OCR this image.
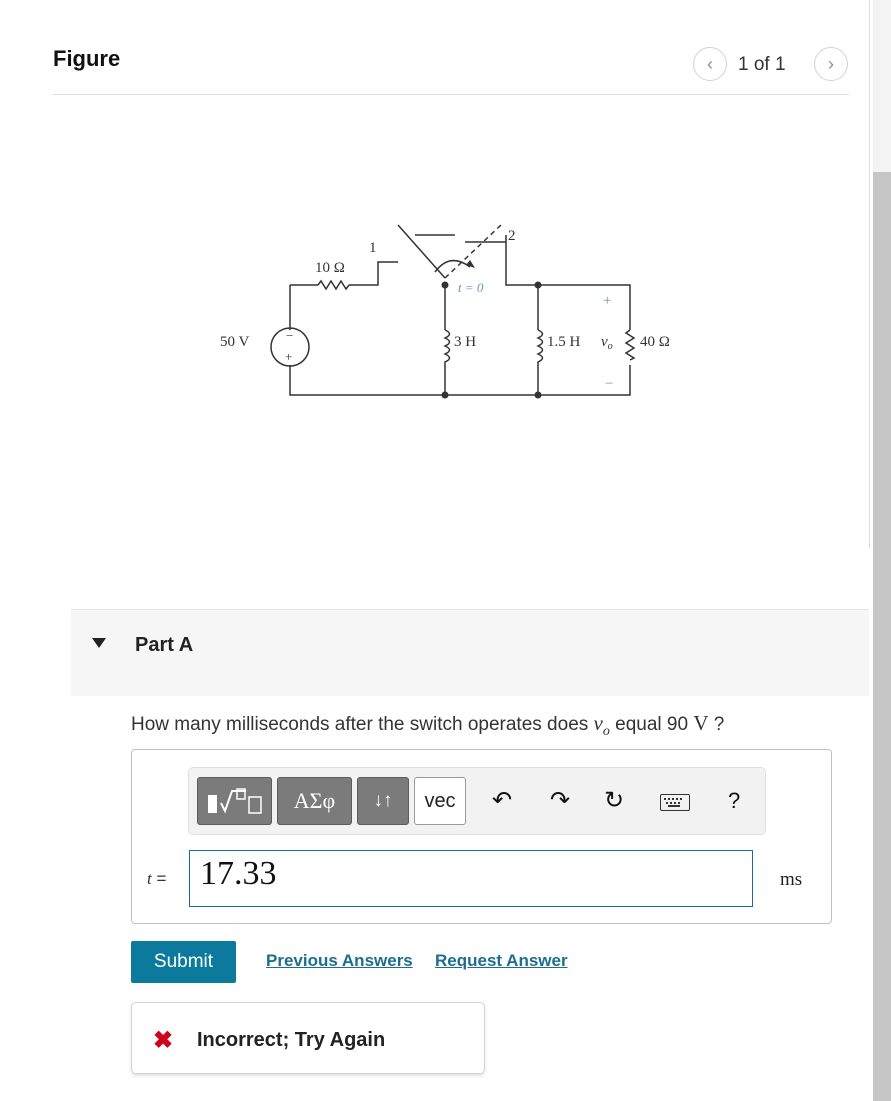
Figure	‹ 1 of 1 ›
50 V	−
+
10 Ω
1
2
t = 0
3 H	1.5 H $v_o$ 40 Ω
+
−
Part A
How many milliseconds after the switch operates does $v_o$ equal 90 V ?
ΑΣφ	↓↑	vec	↶ ↷ ↻	?
t = 17.33	ms
Submit	Previous Answers Request Answer
✖ Incorrect; Try Again
